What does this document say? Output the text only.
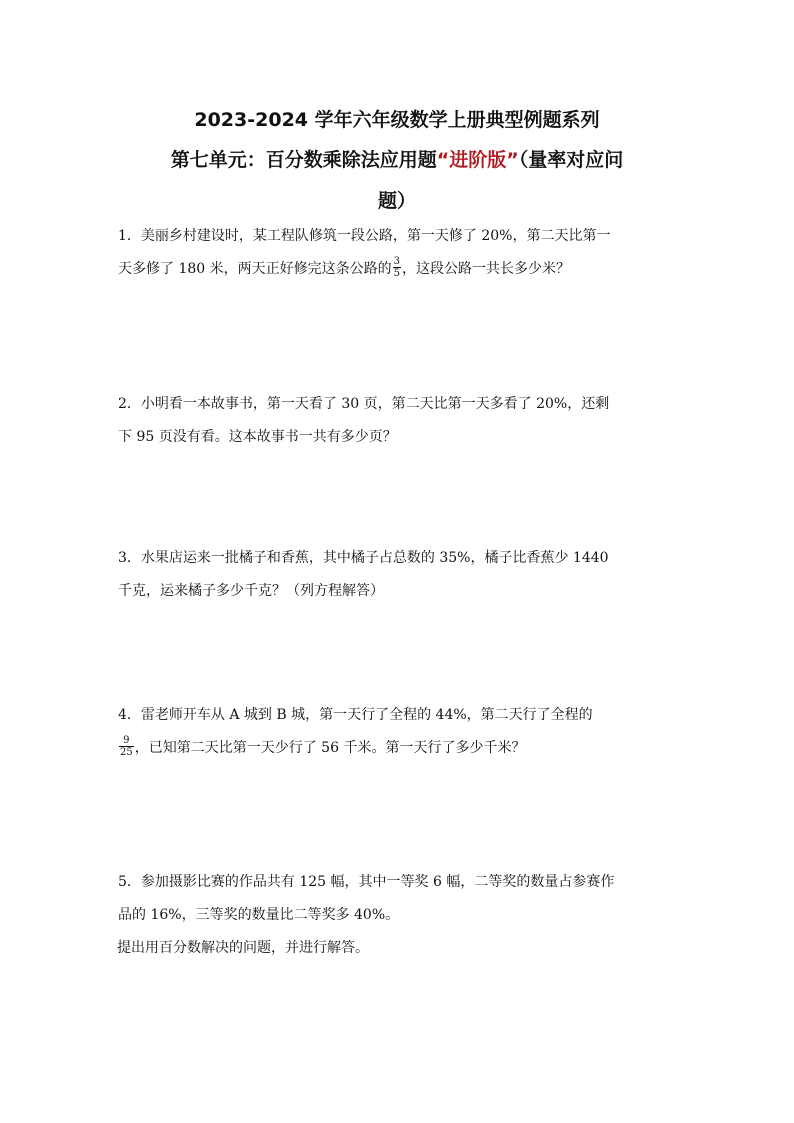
2023-2024 学年六年级数学上册典型例题系列
第七单元：百分数乘除法应用题“进阶版”（量率对应问
题）
1．美丽乡村建设时，某工程队修筑一段公路，第一天修了 20%，第二天比第一
天多修了 180 米，两天正好修完这条公路的 $\frac{3}{5}$ ，这段公路一共长多少米？
2．小明看一本故事书，第一天看了 30 页，第二天比第一天多看了 20%，还剩
下 95 页没有看。这本故事书一共有多少页？
3．水果店运来一批橘子和香蕉，其中橘子占总数的 35%，橘子比香蕉少 1440
千克，运来橘子多少千克？（列方程解答）
4．雷老师开车从 A 城到 B 城，第一天行了全程的 44%，第二天行了全程的
$\frac{9}{25}$ ，已知第二天比第一天少行了 56 千米。第一天行了多少千米？
5．参加摄影比赛的作品共有 125 幅，其中一等奖 6 幅，二等奖的数量占参赛作
品的 16%，三等奖的数量比二等奖多 40%。
提出用百分数解决的问题，并进行解答。
